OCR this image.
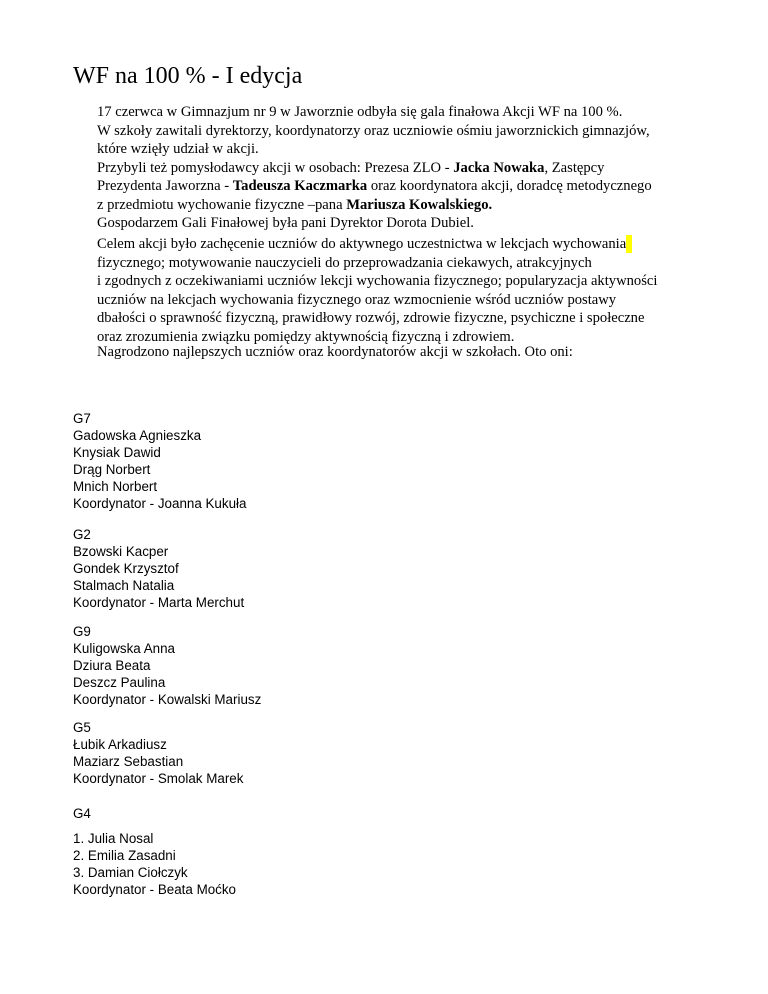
WF na 100 % - I edycja
17 czerwca w Gimnazjum nr 9 w Jaworznie odbyła się gala finałowa Akcji WF na 100 %.
W szkoły zawitali dyrektorzy, koordynatorzy oraz uczniowie ośmiu jaworznickich gimnazjów,
które wzięły udział w akcji.
Przybyli też pomysłodawcy akcji w osobach: Prezesa ZLO - Jacka Nowaka, Zastępcy
Prezydenta Jaworzna - Tadeusza Kaczmarka oraz koordynatora akcji, doradcę metodycznego
z przedmiotu wychowanie fizyczne –pana Mariusza Kowalskiego.
Gospodarzem Gali Finałowej była pani Dyrektor Dorota Dubiel.
Celem akcji było zachęcenie uczniów do aktywnego uczestnictwa w lekcjach wychowania
fizycznego; motywowanie nauczycieli do przeprowadzania ciekawych, atrakcyjnych
i zgodnych z oczekiwaniami uczniów lekcji wychowania fizycznego; popularyzacja aktywności
uczniów na lekcjach wychowania fizycznego oraz wzmocnienie wśród uczniów postawy
dbałości o sprawność fizyczną, prawidłowy rozwój, zdrowie fizyczne, psychiczne i społeczne
oraz zrozumienia związku pomiędzy aktywnością fizyczną i zdrowiem.
Nagrodzono najlepszych uczniów oraz koordynatorów akcji w szkołach. Oto oni:
G7
Gadowska Agnieszka
Knysiak Dawid
Drąg Norbert
Mnich Norbert
Koordynator - Joanna Kukuła
G2
Bzowski Kacper
Gondek Krzysztof
Stalmach Natalia
Koordynator - Marta Merchut
G9
Kuligowska Anna
Dziura Beata
Deszcz Paulina
Koordynator - Kowalski Mariusz
G5
Łubik Arkadiusz
Maziarz Sebastian
Koordynator - Smolak Marek
G4
1. Julia Nosal
2. Emilia Zasadni
3. Damian Ciołczyk
Koordynator - Beata Moćko
